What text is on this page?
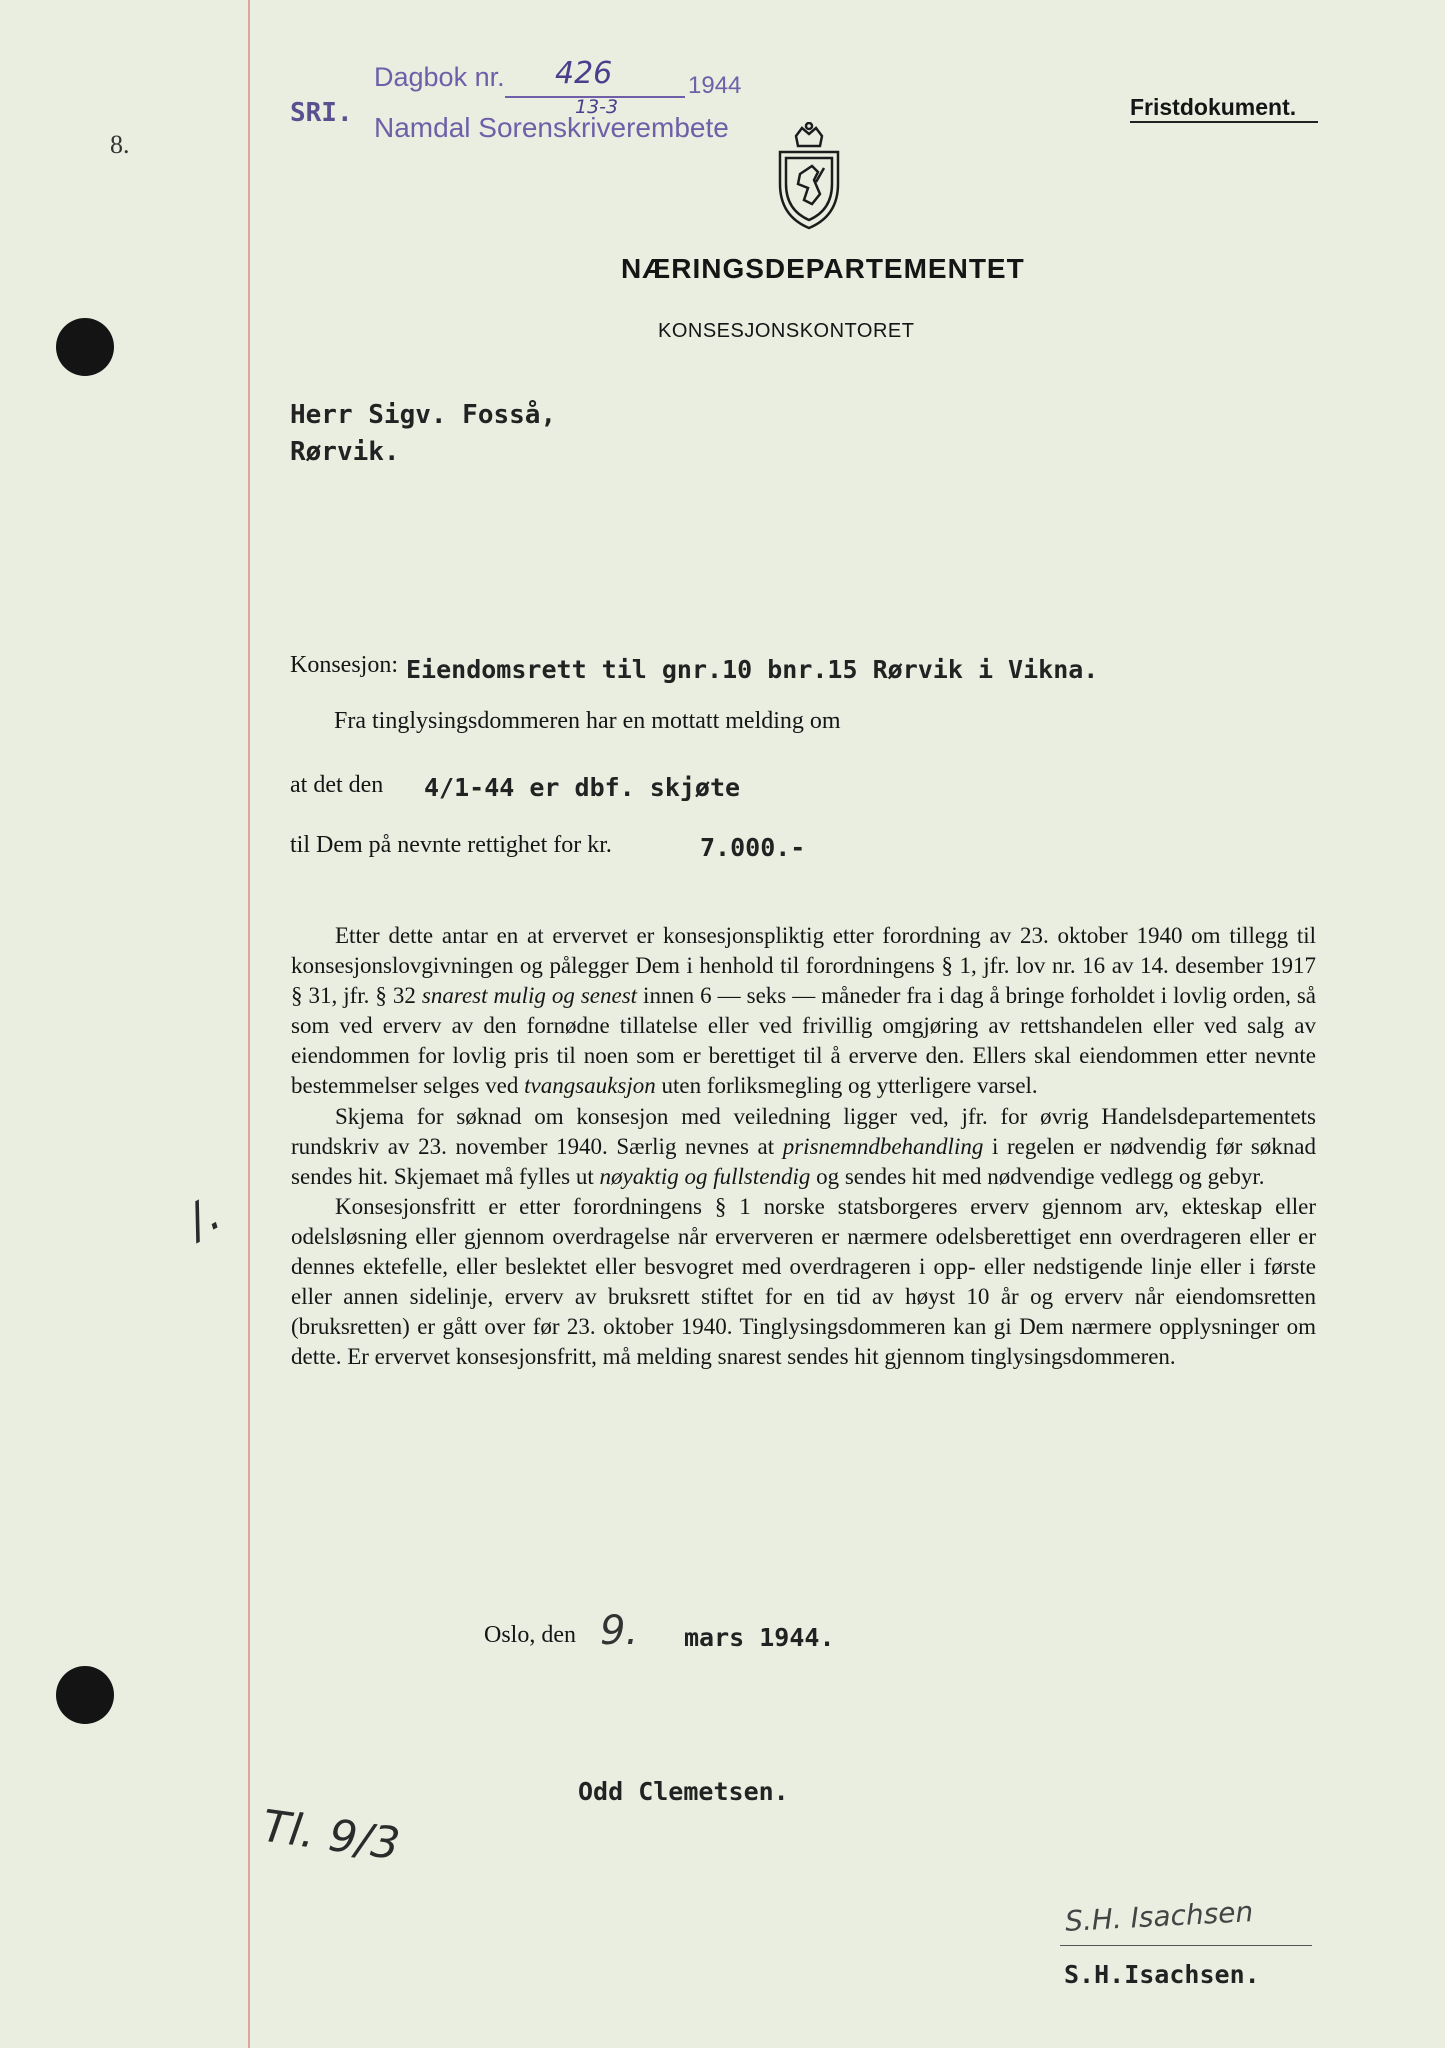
8.
SRI.
Dagbok nr. 426	1944
13-3
Namdal Sorenskriverembete
Fristdokument.
NÆRINGSDEPARTEMENTET
KONSESJONSKONTORET
Herr Sigv. Fosså,
Rørvik.
Konsesjon: Eiendomsrett til gnr.10 bnr.15 Rørvik i Vikna.
Fra tinglysingsdommeren har en mottatt melding om
at det den 4/1-44 er dbf. skjøte
til Dem på nevnte rettighet for kr.	7.000.-

Etter dette antar en at ervervet er konsesjonspliktig etter forordning av 23. oktober 1940 om tillegg til konsesjonslovgivningen og pålegger Dem i henhold til forordningens § 1, jfr. lov nr. 16 av 14. desember 1917 § 31, jfr. § 32 snarest mulig og senest innen 6 — seks — måneder fra i dag å bringe forholdet i lovlig orden, så som ved erverv av den fornødne tillatelse eller ved frivillig omgjøring av rettshandelen eller ved salg av eiendommen for lovlig pris til noen som er berettiget til å erverve den. Ellers skal eiendommen etter nevnte bestemmelser selges ved tvangsauksjon uten forliksmegling og ytterligere varsel.

Skjema for søknad om konsesjon med veiledning ligger ved, jfr. for øvrig Handelsdepartementets rundskriv av 23. november 1940. Særlig nevnes at prisnemndbehandling i regelen er nødvendig før søknad sendes hit. Skjemaet må fylles ut nøyaktig og fullstendig og sendes hit med nødvendige vedlegg og gebyr.

Konsesjonsfritt er etter forordningens § 1 norske statsborgeres erverv gjennom arv, ekteskap eller odelsløsning eller gjennom overdragelse når erververen er nærmere odelsberettiget enn overdrageren eller er dennes ektefelle, eller beslektet eller besvogret med overdrageren i opp- eller nedstigende linje eller i første eller annen sidelinje, erverv av bruksrett stiftet for en tid av høyst 10 år og erverv når eiendomsretten (bruksretten) er gått over før 23. oktober 1940. Tinglysingsdommeren kan gi Dem nærmere opplysninger om dette. Er ervervet konsesjonsfritt, må melding snarest sendes hit gjennom tinglysingsdommeren.

/.
Oslo, den 9. mars 1944.
Odd Clemetsen.
Tl. 9/3
S.H. Isachsen
S.H.Isachsen.
